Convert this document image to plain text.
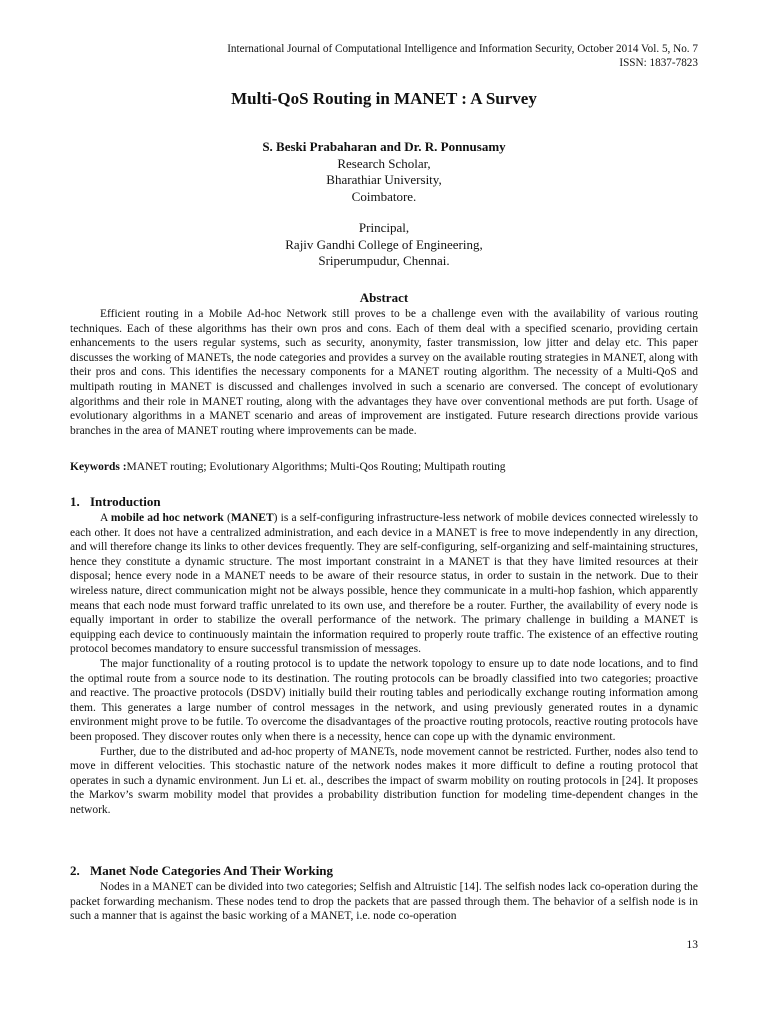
International Journal of Computational Intelligence and Information Security, October 2014 Vol. 5, No. 7
ISSN: 1837-7823
Multi-QoS Routing in MANET : A Survey
S. Beski Prabaharan and Dr. R. Ponnusamy
Research Scholar,
Bharathiar University,
Coimbatore.
Principal,
Rajiv Gandhi College of Engineering,
Sriperumpudur, Chennai.
Abstract

Efficient routing in a Mobile Ad-hoc Network still proves to be a challenge even with the availability of various routing techniques. Each of these algorithms has their own pros and cons. Each of them deal with a specified scenario, providing certain enhancements to the users regular systems, such as security, anonymity, faster transmission, low jitter and delay etc. This paper discusses the working of MANETs, the node categories and provides a survey on the available routing strategies in MANET, along with their pros and cons. This identifies the necessary components for a MANET routing algorithm. The necessity of a Multi-QoS and multipath routing in MANET is discussed and challenges involved in such a scenario are conversed. The concept of evolutionary algorithms and their role in MANET routing, along with the advantages they have over conventional methods are put forth. Usage of evolutionary algorithms in a MANET scenario and areas of improvement are instigated. Future research directions provide various branches in the area of MANET routing where improvements can be made.

Keywords :MANET routing; Evolutionary Algorithms; Multi-Qos Routing; Multipath routing

1. Introduction

A mobile ad hoc network (MANET) is a self-configuring infrastructure-less network of mobile devices connected wirelessly to each other. It does not have a centralized administration, and each device in a MANET is free to move independently in any direction, and will therefore change its links to other devices frequently. They are self-configuring, self-organizing and self-maintaining structures, hence they constitute a dynamic structure. The most important constraint in a MANET is that they have limited resources at their disposal; hence every node in a MANET needs to be aware of their resource status, in order to sustain in the network. Due to their wireless nature, direct communication might not be always possible, hence they communicate in a multi-hop fashion, which apparently means that each node must forward traffic unrelated to its own use, and therefore be a router. Further, the availability of every node is equally important in order to stabilize the overall performance of the network. The primary challenge in building a MANET is equipping each device to continuously maintain the information required to properly route traffic. The existence of an effective routing protocol becomes mandatory to ensure successful transmission of messages.

The major functionality of a routing protocol is to update the network topology to ensure up to date node locations, and to find the optimal route from a source node to its destination. The routing protocols can be broadly classified into two categories; proactive and reactive. The proactive protocols (DSDV) initially build their routing tables and periodically exchange routing information among them. This generates a large number of control messages in the network, and using previously generated routes in a dynamic environment might prove to be futile. To overcome the disadvantages of the proactive routing protocols, reactive routing protocols have been proposed. They discover routes only when there is a necessity, hence can cope up with the dynamic environment.

Further, due to the distributed and ad-hoc property of MANETs, node movement cannot be restricted. Further, nodes also tend to move in different velocities. This stochastic nature of the network nodes makes it more difficult to define a routing protocol that operates in such a dynamic environment. Jun Li et. al., describes the impact of swarm mobility on routing protocols in [24]. It proposes the Markov’s swarm mobility model that provides a probability distribution function for modeling time-dependent changes in the network.

2. Manet Node Categories And Their Working

Nodes in a MANET can be divided into two categories; Selfish and Altruistic [14]. The selfish nodes lack co-operation during the packet forwarding mechanism. These nodes tend to drop the packets that are passed through them. The behavior of a selfish node is in such a manner that is against the basic working of a MANET, i.e. node co-operation

13
